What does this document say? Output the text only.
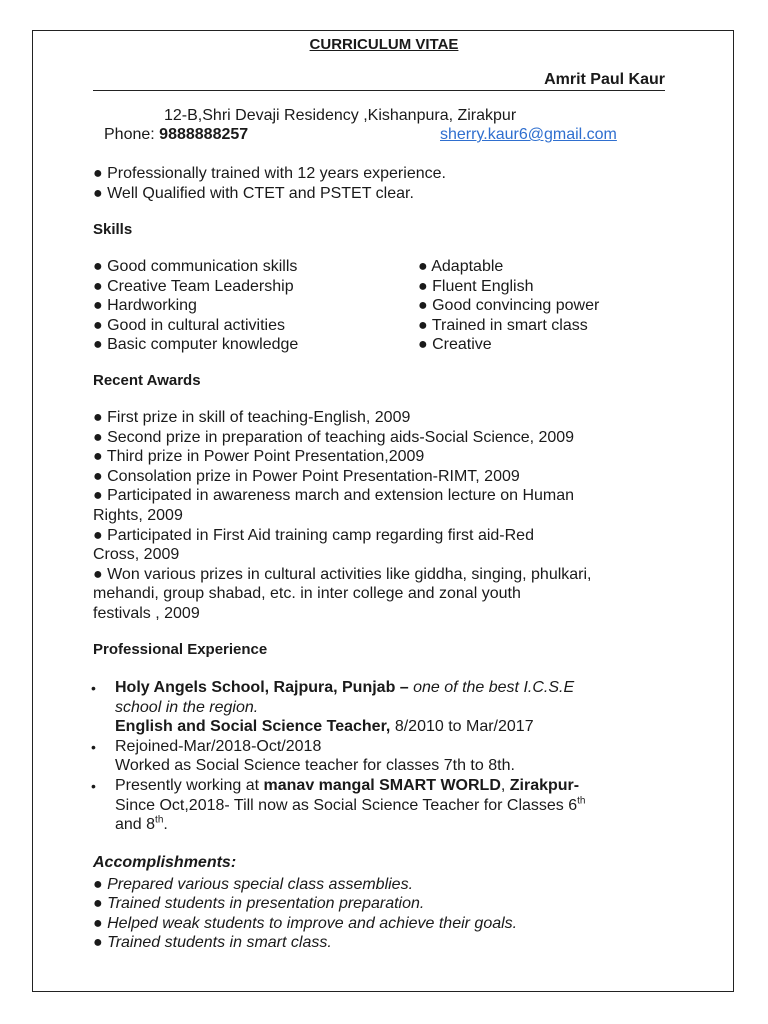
CURRICULUM VITAE
Amrit Paul Kaur
12-B,Shri Devaji Residency ,Kishanpura, Zirakpur
Phone: 9888888257	sherry.kaur6@gmail.com
● Professionally trained with 12 years experience.
● Well Qualified with CTET and PSTET clear.
Skills
● Good communication skills
● Creative Team Leadership
● Hardworking
● Good in cultural activities
● Basic computer knowledge
● Adaptable
● Fluent English
● Good convincing power
● Trained in smart class
● Creative
Recent Awards
● First prize in skill of teaching-English, 2009
● Second prize in preparation of teaching aids-Social Science, 2009
● Third prize in Power Point Presentation,2009
● Consolation prize in Power Point Presentation-RIMT, 2009
● Participated in awareness march and extension lecture on Human
Rights, 2009
● Participated in First Aid training camp regarding first aid-Red
Cross, 2009
● Won various prizes in cultural activities like giddha, singing, phulkari,
mehandi, group shabad, etc. in inter college and zonal youth
festivals , 2009
Professional Experience
• Holy Angels School, Rajpura, Punjab – one of the best I.C.S.E
school in the region.
English and Social Science Teacher, 8/2010 to Mar/2017
• Rejoined-Mar/2018-Oct/2018
Worked as Social Science teacher for classes 7th to 8th.
• Presently working at manav mangal SMART WORLD, Zirakpur-
Since Oct,2018- Till now as Social Science Teacher for Classes 6th
and 8th.
Accomplishments:
● Prepared various special class assemblies.
● Trained students in presentation preparation.
● Helped weak students to improve and achieve their goals.
● Trained students in smart class.
